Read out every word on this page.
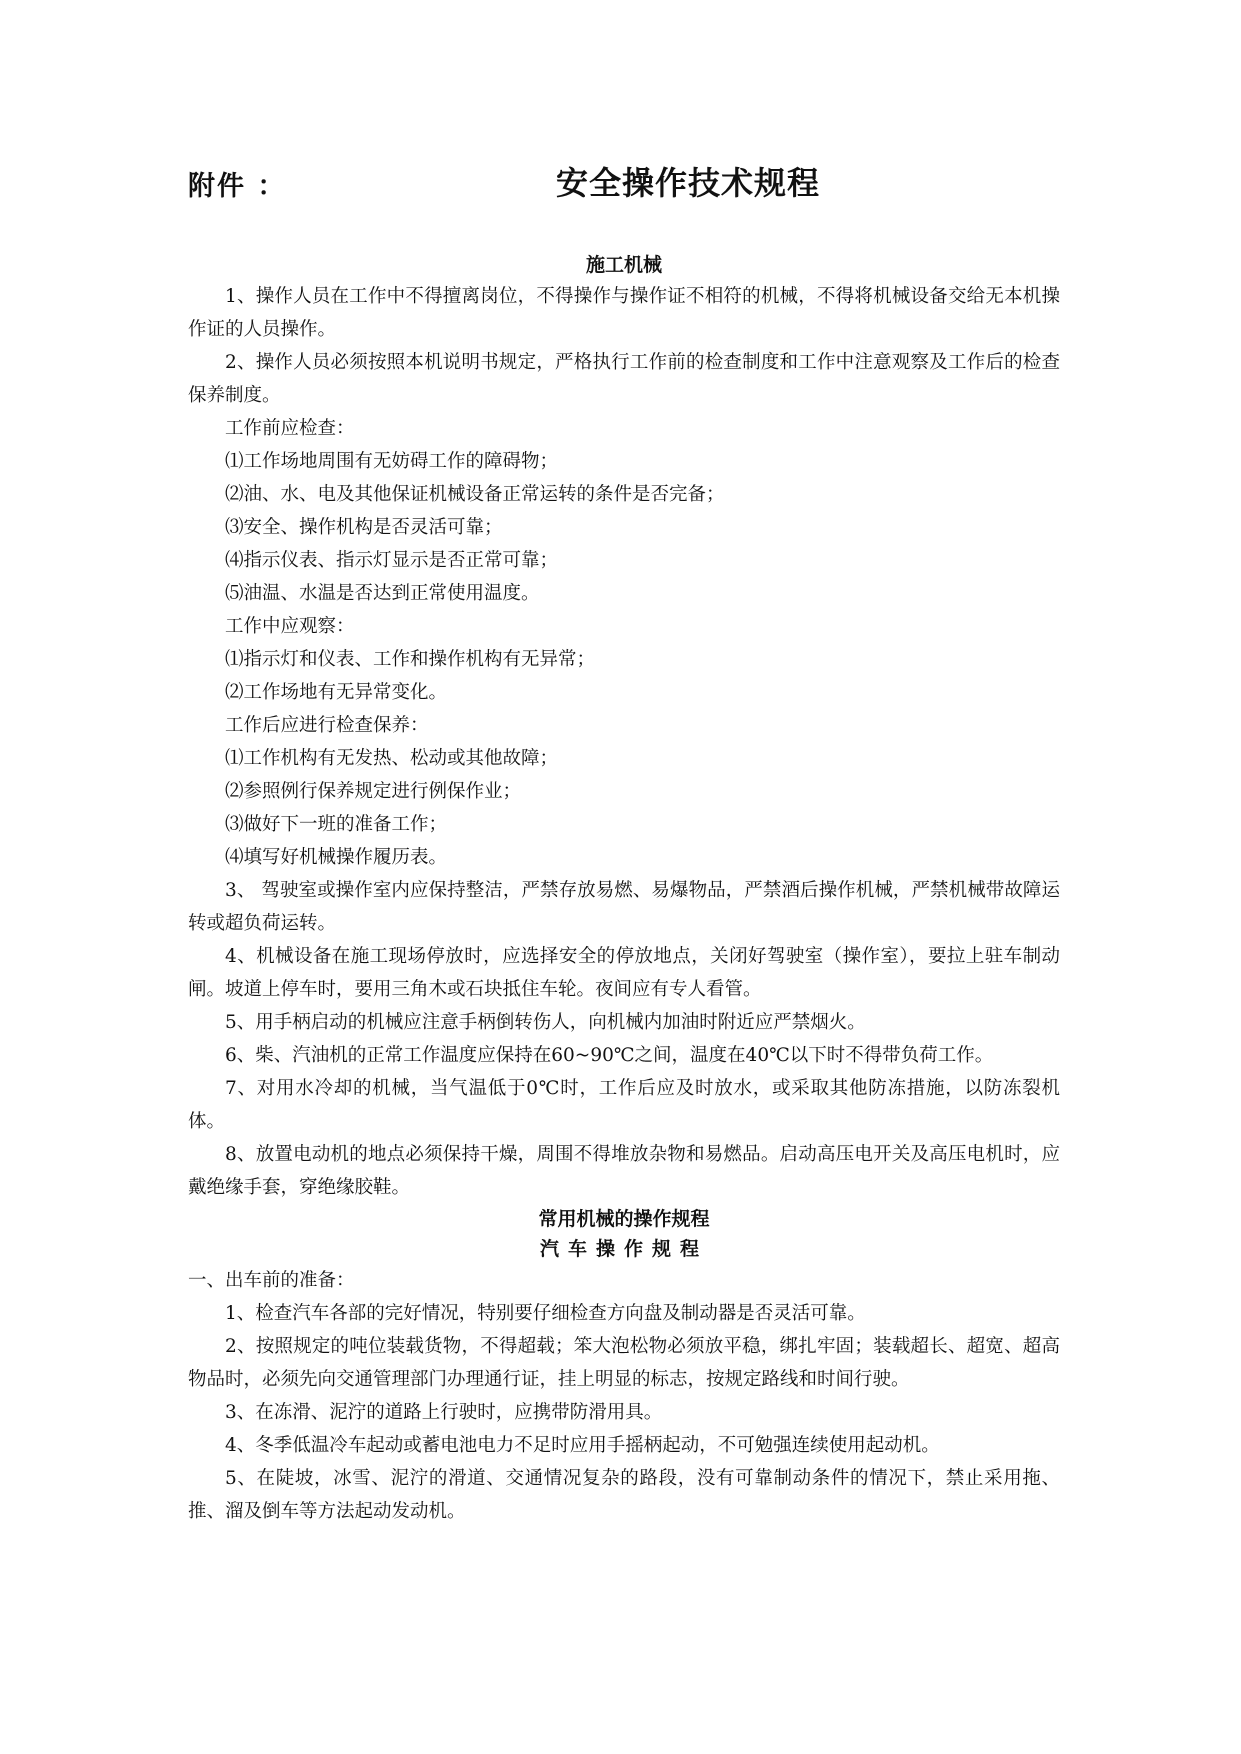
附件 ：	安全操作技术规程
施工机械

1、操作人员在工作中不得擅离岗位，不得操作与操作证不相符的机械，不得将机械设备交给无本机操作证的人员操作。

2、操作人员必须按照本机说明书规定，严格执行工作前的检查制度和工作中注意观察及工作后的检查保养制度。

工作前应检查：

⑴工作场地周围有无妨碍工作的障碍物；

⑵油、水、电及其他保证机械设备正常运转的条件是否完备；

⑶安全、操作机构是否灵活可靠；

⑷指示仪表、指示灯显示是否正常可靠；

⑸油温、水温是否达到正常使用温度。

工作中应观察：

⑴指示灯和仪表、工作和操作机构有无异常；

⑵工作场地有无异常变化。

工作后应进行检查保养：

⑴工作机构有无发热、松动或其他故障；

⑵参照例行保养规定进行例保作业；

⑶做好下一班的准备工作；

⑷填写好机械操作履历表。

3、 驾驶室或操作室内应保持整洁，严禁存放易燃、易爆物品，严禁酒后操作机械，严禁机械带故障运转或超负荷运转。

4、机械设备在施工现场停放时，应选择安全的停放地点，关闭好驾驶室（操作室），要拉上驻车制动闸。坡道上停车时，要用三角木或石块抵住车轮。夜间应有专人看管。

5、用手柄启动的机械应注意手柄倒转伤人，向机械内加油时附近应严禁烟火。

6、柴、汽油机的正常工作温度应保持在60~90℃之间，温度在40℃以下时不得带负荷工作。

7、对用水冷却的机械，当气温低于0℃时，工作后应及时放水，或采取其他防冻措施，以防冻裂机体。

8、放置电动机的地点必须保持干燥，周围不得堆放杂物和易燃品。启动高压电开关及高压电机时，应戴绝缘手套，穿绝缘胶鞋。

常用机械的操作规程
汽车操作规程

一、出车前的准备：

1、检查汽车各部的完好情况，特别要仔细检查方向盘及制动器是否灵活可靠。

2、按照规定的吨位装载货物，不得超载；笨大泡松物必须放平稳，绑扎牢固；装载超长、超宽、超高物品时，必须先向交通管理部门办理通行证，挂上明显的标志，按规定路线和时间行驶。

3、在冻滑、泥泞的道路上行驶时，应携带防滑用具。

4、冬季低温冷车起动或蓄电池电力不足时应用手摇柄起动，不可勉强连续使用起动机。

5、在陡坡，冰雪、泥泞的滑道、交通情况复杂的路段，没有可靠制动条件的情况下，禁止采用拖、推、溜及倒车等方法起动发动机。
